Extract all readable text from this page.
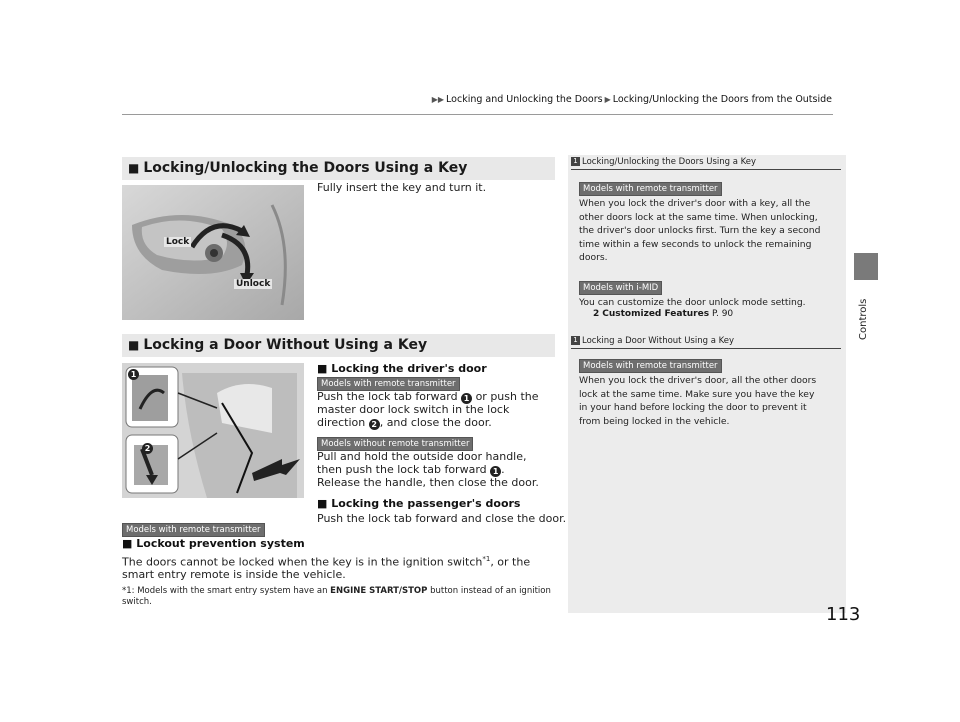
▶▶ Locking and Unlocking the Doors ▶ Locking/Unlocking the Doors from the Outside
Controls
■ Locking/Unlocking the Doors Using a Key
Lock
Unlock
Fully insert the key and turn it.
■ Locking a Door Without Using a Key
1
2
■ Locking the driver's door
Models with remote transmitter
Push the lock tab forward 1 or push the master door lock switch in the lock direction 2 , and close the door.
Models without remote transmitter
Pull and hold the outside door handle, then push the lock tab forward 1 .
Release the handle, then close the door.
■ Locking the passenger's doors
Push the lock tab forward and close the door.
Models with remote transmitter
■ Lockout prevention system
The doors cannot be locked when the key is in the ignition switch$^{*1}$, or the smart entry remote is inside the vehicle.
*1: Models with the smart entry system have an ENGINE START/STOP button instead of an ignition switch.
1 Locking/Unlocking the Doors Using a Key
Models with remote transmitter
When you lock the driver's door with a key, all the other doors lock at the same time. When unlocking, the driver's door unlocks first. Turn the key a second time within a few seconds to unlock the remaining doors.
Models with i-MID
You can customize the door unlock mode setting.
2 Customized Features P. 90
1 Locking a Door Without Using a Key
Models with remote transmitter
When you lock the driver's door, all the other doors lock at the same time. Make sure you have the key in your hand before locking the door to prevent it from being locked in the vehicle.
113
